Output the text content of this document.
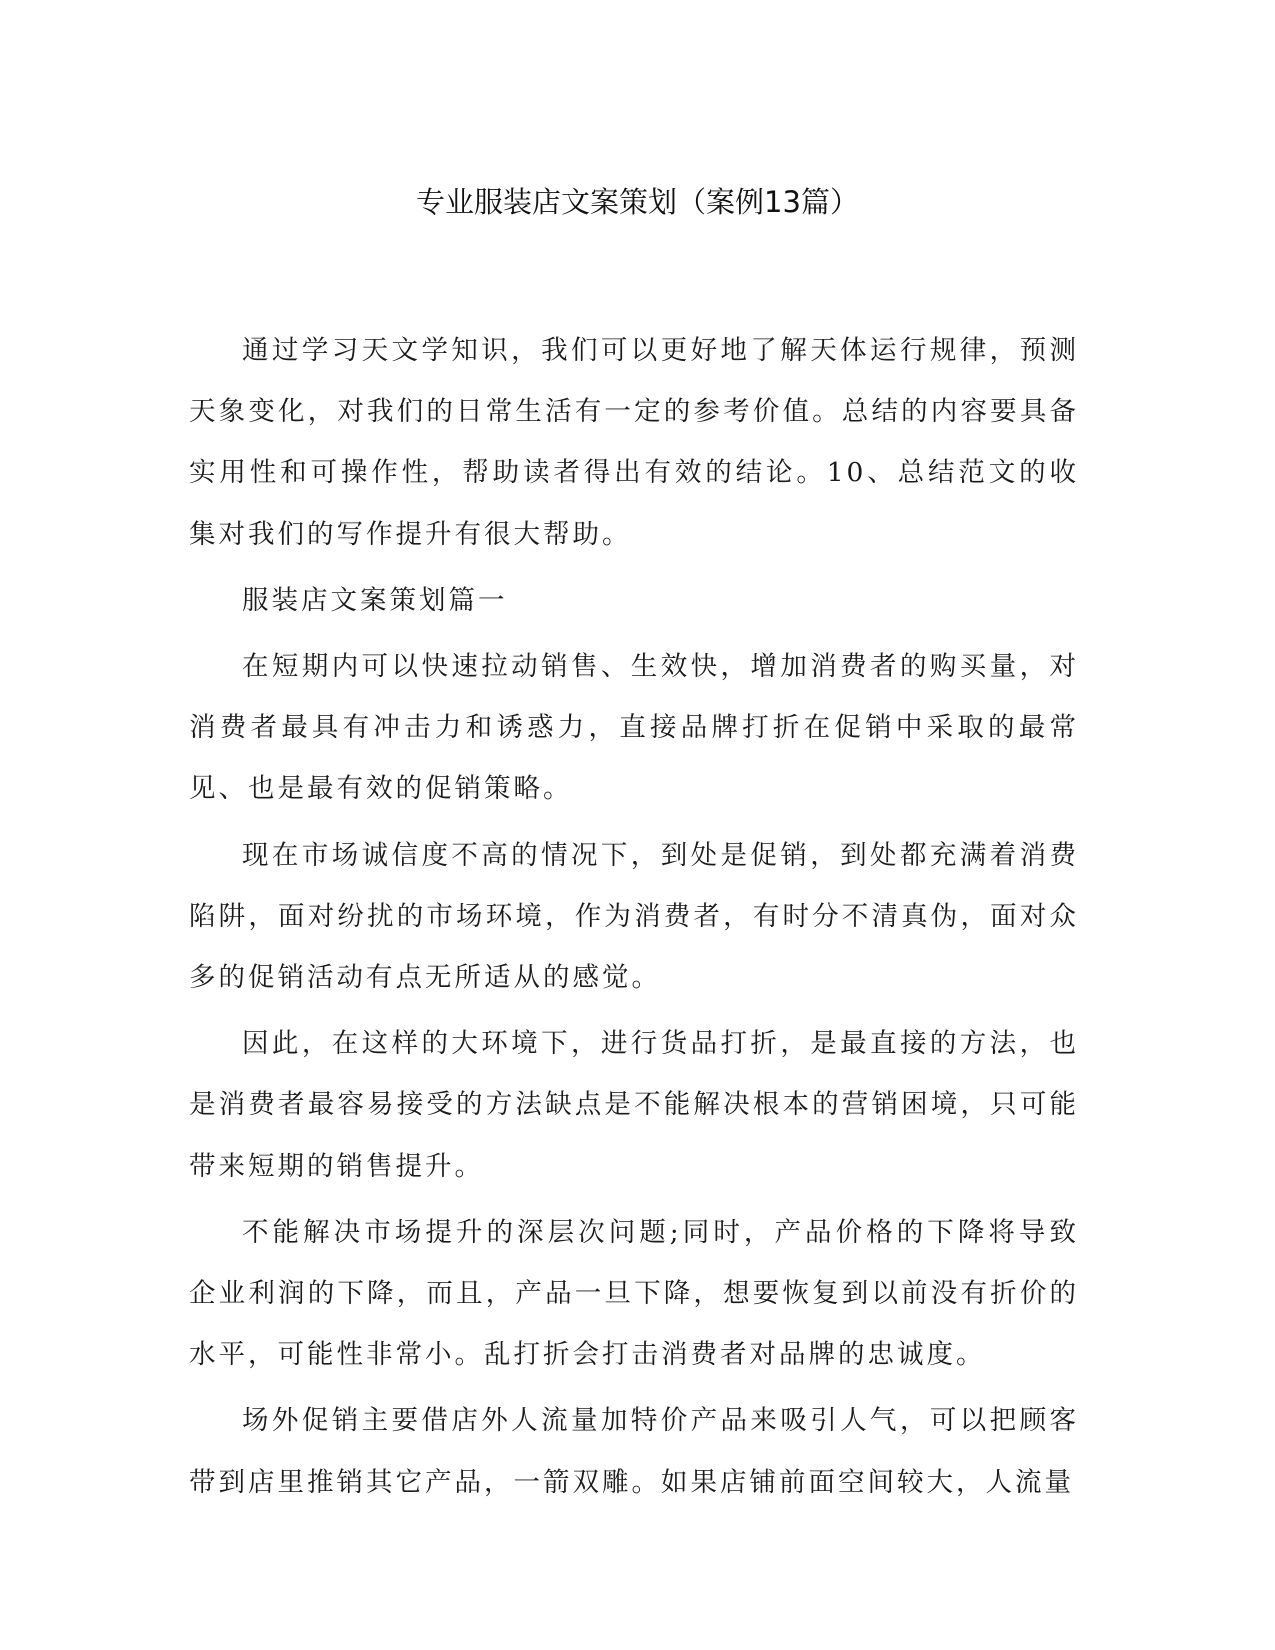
专业服装店文案策划（案例13篇）

通过学习天文学知识，我们可以更好地了解天体运行规律，预测天象变化，对我们的日常生活有一定的参考价值。总结的内容要具备实用性和可操作性，帮助读者得出有效的结论。10、总结范文的收集对我们的写作提升有很大帮助。

服装店文案策划篇一

在短期内可以快速拉动销售、生效快，增加消费者的购买量，对消费者最具有冲击力和诱惑力，直接品牌打折在促销中采取的最常见、也是最有效的促销策略。

现在市场诚信度不高的情况下，到处是促销，到处都充满着消费陷阱，面对纷扰的市场环境，作为消费者，有时分不清真伪，面对众多的促销活动有点无所适从的感觉。

因此，在这样的大环境下，进行货品打折，是最直接的方法，也是消费者最容易接受的方法缺点是不能解决根本的营销困境，只可能带来短期的销售提升。

不能解决市场提升的深层次问题;同时，产品价格的下降将导致企业利润的下降，而且，产品一旦下降，想要恢复到以前没有折价的水平，可能性非常小。乱打折会打击消费者对品牌的忠诚度。

场外促销主要借店外人流量加特价产品来吸引人气，可以把顾客带到店里推销其它产品，一箭双雕。如果店铺前面空间较大，人流量
